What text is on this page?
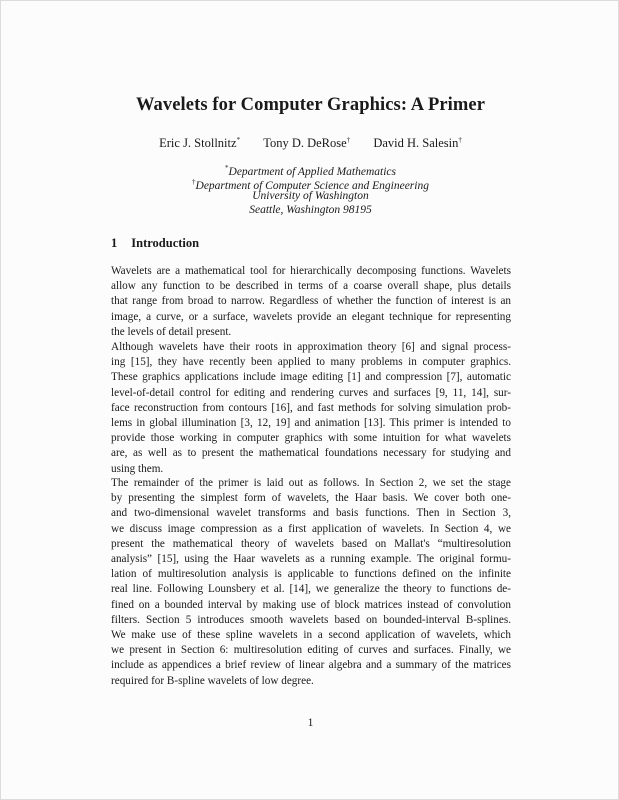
Wavelets for Computer Graphics: A Primer
Eric J. Stollnitz* Tony D. DeRose† David H. Salesin†
*Department of Applied Mathematics
†Department of Computer Science and Engineering
University of Washington
Seattle, Washington 98195
1 Introduction
Wavelets are a mathematical tool for hierarchically decomposing functions. Wavelets
allow any function to be described in terms of a coarse overall shape, plus details
that range from broad to narrow. Regardless of whether the function of interest is an
image, a curve, or a surface, wavelets provide an elegant technique for representing
the levels of detail present.
Although wavelets have their roots in approximation theory [6] and signal process-
ing [15], they have recently been applied to many problems in computer graphics.
These graphics applications include image editing [1] and compression [7], automatic
level-of-detail control for editing and rendering curves and surfaces [9, 11, 14], sur-
face reconstruction from contours [16], and fast methods for solving simulation prob-
lems in global illumination [3, 12, 19] and animation [13]. This primer is intended to
provide those working in computer graphics with some intuition for what wavelets
are, as well as to present the mathematical foundations necessary for studying and
using them.
The remainder of the primer is laid out as follows. In Section 2, we set the stage
by presenting the simplest form of wavelets, the Haar basis. We cover both one-
and two-dimensional wavelet transforms and basis functions. Then in Section 3,
we discuss image compression as a first application of wavelets. In Section 4, we
present the mathematical theory of wavelets based on Mallat's “multiresolution
analysis” [15], using the Haar wavelets as a running example. The original formu-
lation of multiresolution analysis is applicable to functions defined on the infinite
real line. Following Lounsbery et al. [14], we generalize the theory to functions de-
fined on a bounded interval by making use of block matrices instead of convolution
filters. Section 5 introduces smooth wavelets based on bounded-interval B-splines.
We make use of these spline wavelets in a second application of wavelets, which
we present in Section 6: multiresolution editing of curves and surfaces. Finally, we
include as appendices a brief review of linear algebra and a summary of the matrices
required for B-spline wavelets of low degree.
1
